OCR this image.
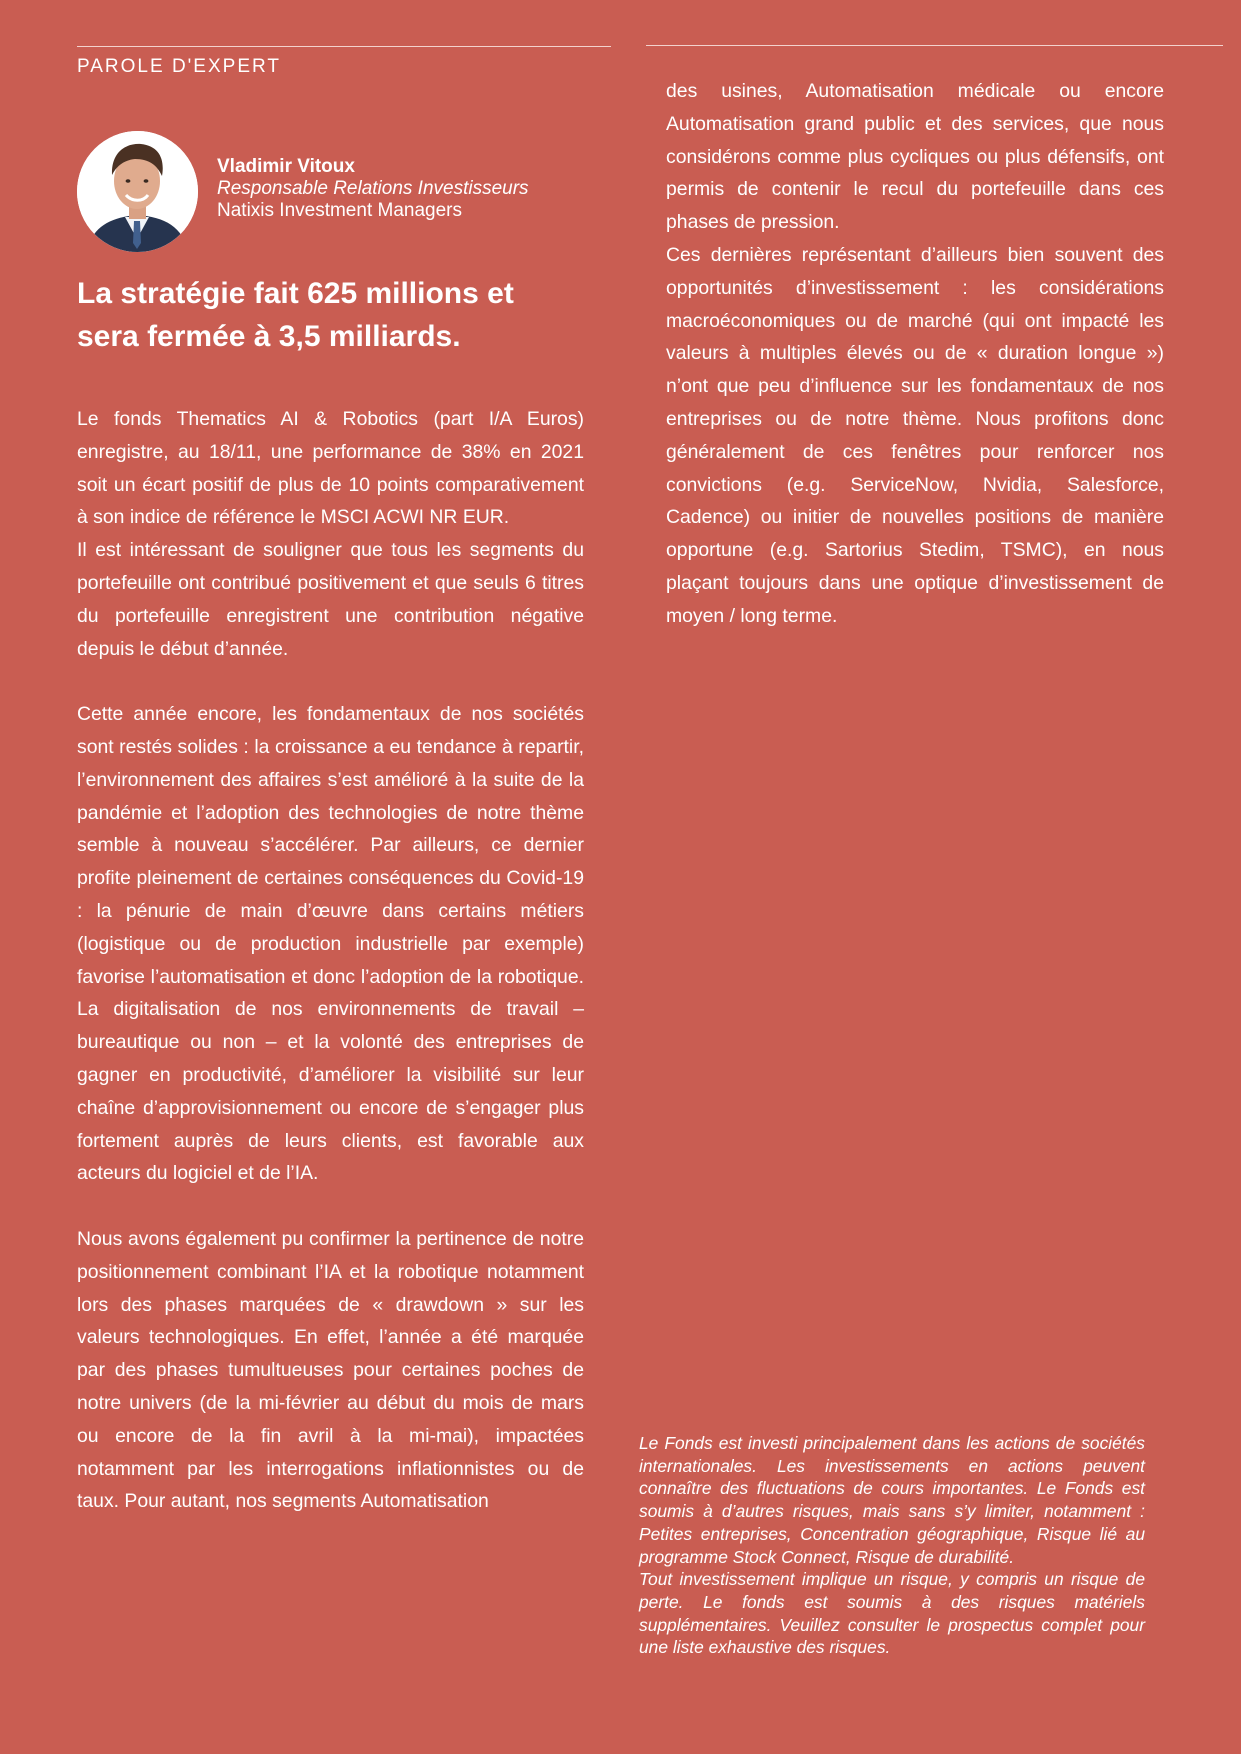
PAROLE D'EXPERT
Vladimir Vitoux
Responsable Relations Investisseurs
Natixis Investment Managers
La stratégie fait 625 millions et
sera fermée à 3,5 milliards.

Le fonds Thematics AI & Robotics (part I/A Euros) enregistre, au 18/11, une performance de 38% en 2021 soit un écart positif de plus de 10 points comparativement à son indice de référence le MSCI ACWI NR EUR.

Il est intéressant de souligner que tous les segments du portefeuille ont contribué positivement et que seuls 6 titres du portefeuille enregistrent une contribution négative depuis le début d’année.

Cette année encore, les fondamentaux de nos sociétés sont restés solides : la croissance a eu tendance à repartir, l’environnement des affaires s’est amélioré à la suite de la pandémie et l’adoption des technologies de notre thème semble à nouveau s’accélérer. Par ailleurs, ce dernier profite pleinement de certaines conséquences du Covid-19 : la pénurie de main d’œuvre dans certains métiers (logistique ou de production industrielle par exemple) favorise l’automatisation et donc l’adoption de la robotique. La digitalisation de nos environnements de travail – bureautique ou non – et la volonté des entreprises de gagner en productivité, d’améliorer la visibilité sur leur chaîne d’approvisionnement ou encore de s’engager plus fortement auprès de leurs clients, est favorable aux acteurs du logiciel et de l’IA.

Nous avons également pu confirmer la pertinence de notre positionnement combinant l’IA et la robotique notamment lors des phases marquées de « drawdown » sur les valeurs technologiques. En effet, l’année a été marquée par des phases tumultueuses pour certaines poches de notre univers (de la mi-février au début du mois de mars ou encore de la fin avril à la mi-mai), impactées notamment par les interrogations inflationnistes ou de taux. Pour autant, nos segments Automatisation

des usines, Automatisation médicale ou encore Automatisation grand public et des services, que nous considérons comme plus cycliques ou plus défensifs, ont permis de contenir le recul du portefeuille dans ces phases de pression.

Ces dernières représentant d’ailleurs bien souvent des opportunités d’investissement : les considérations macroéconomiques ou de marché (qui ont impacté les valeurs à multiples élevés ou de « duration longue ») n’ont que peu d’influence sur les fondamentaux de nos entreprises ou de notre thème. Nous profitons donc généralement de ces fenêtres pour renforcer nos convictions (e.g. ServiceNow, Nvidia, Salesforce, Cadence) ou initier de nouvelles positions de manière opportune (e.g. Sartorius Stedim, TSMC), en nous plaçant toujours dans une optique d’investissement de moyen / long terme.

Le Fonds est investi principalement dans les actions de sociétés internationales. Les investissements en actions peuvent connaître des fluctuations de cours importantes. Le Fonds est soumis à d’autres risques, mais sans s’y limiter, notamment : Petites entreprises, Concentration géographique, Risque lié au programme Stock Connect, Risque de durabilité.

Tout investissement implique un risque, y compris un risque de perte. Le fonds est soumis à des risques matériels supplémentaires. Veuillez consulter le prospectus complet pour une liste exhaustive des risques.
